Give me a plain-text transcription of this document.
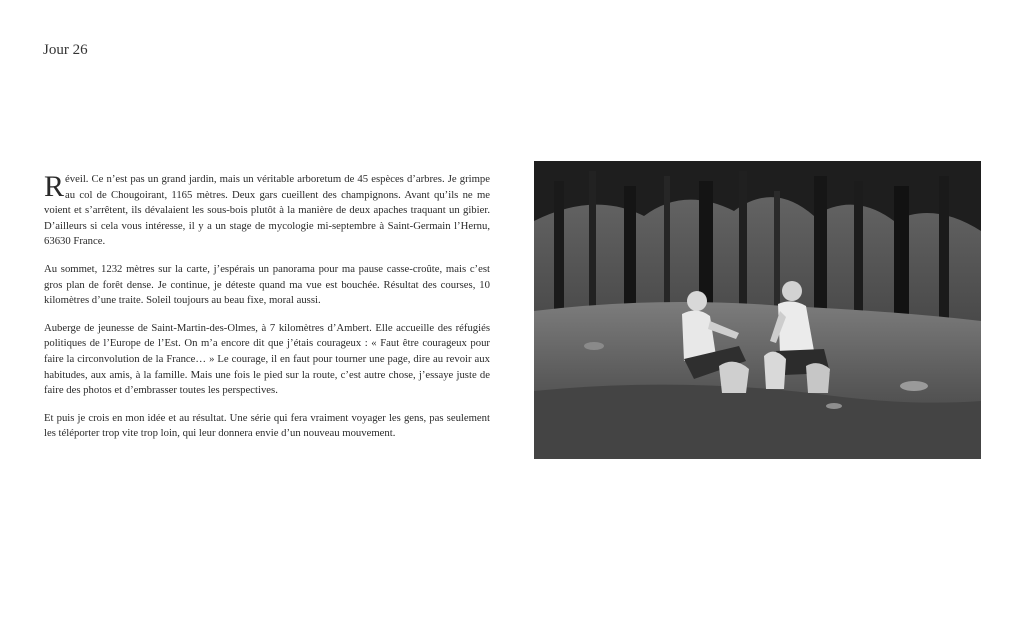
Jour 26

Réveil. Ce n’est pas un grand jardin, mais un véritable arboretum de 45 espèces d’arbres. Je grimpe au col de Chougoirant, 1165 mètres. Deux gars cueillent des champignons. Avant qu’ils ne me voient et s’arrêtent, ils dévalaient les sous-bois plutôt à la manière de deux apaches traquant un gibier. D’ailleurs si cela vous intéresse, il y a un stage de mycologie mi-septembre à Saint-Germain l’Hernu, 63630 France.

Au sommet, 1232 mètres sur la carte, j’espérais un panorama pour ma pause casse-croûte, mais c’est gros plan de forêt dense. Je continue, je déteste quand ma vue est bouchée. Résultat des courses, 10 kilomètres d’une traite. Soleil toujours au beau fixe, moral aussi.

Auberge de jeunesse de Saint-Martin-des-Olmes, à 7 kilomètres d’Ambert. Elle accueille des réfugiés politiques de l’Europe de l’Est. On m’a encore dit que j’étais courageux : « Faut être courageux pour faire la circonvolution de la France… » Le courage, il en faut pour tourner une page, dire au revoir aux habitudes, aux amis, à la famille. Mais une fois le pied sur la route, c’est autre chose, j’essaye juste de faire des photos et d’embrasser toutes les perspectives.

Et puis je crois en mon idée et au résultat. Une série qui fera vraiment voyager les gens, pas seulement les téléporter trop vite trop loin, qui leur donnera envie d’un nouveau mouvement.
